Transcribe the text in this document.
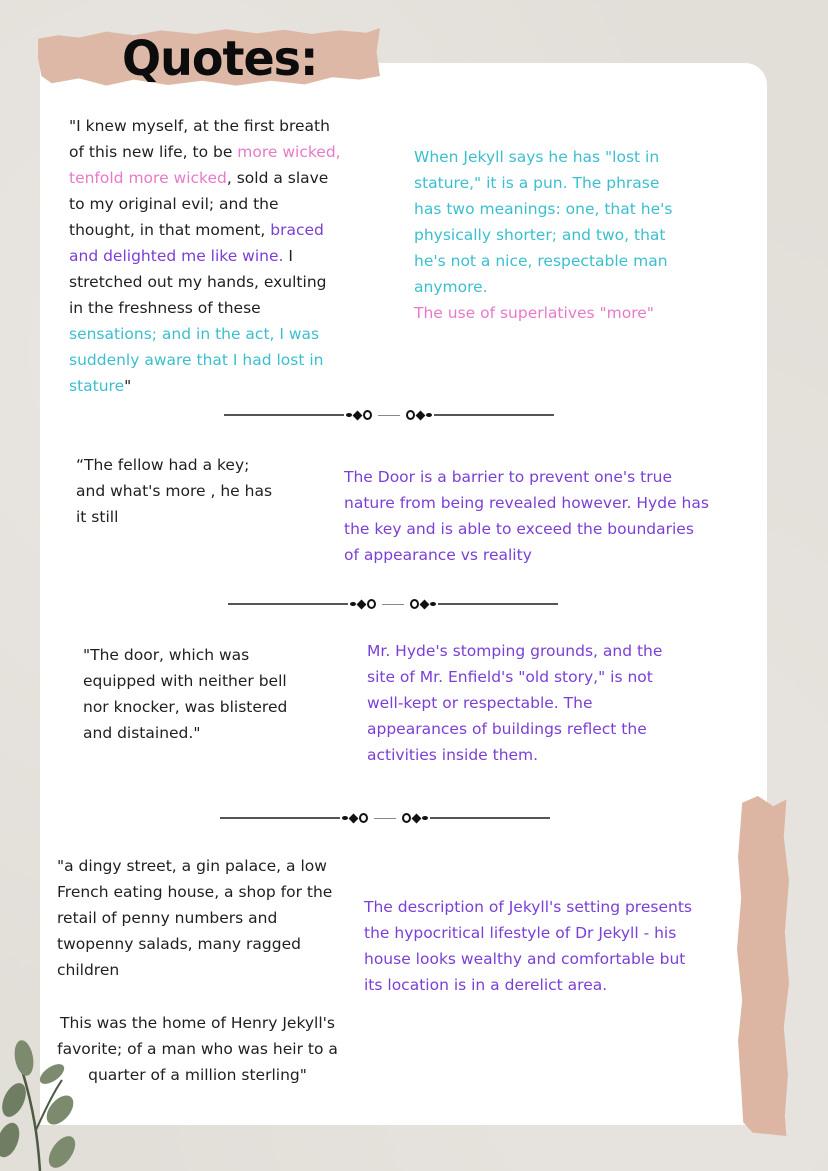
Quotes:
"I knew myself, at the first breath of this new life, to be more wicked, tenfold more wicked, sold a slave to my original evil; and the thought, in that moment, braced and delighted me like wine. I stretched out my hands, exulting in the freshness of these sensations; and in the act, I was suddenly aware that I had lost in stature"
When Jekyll says he has "lost in stature," it is a pun. The phrase has two meanings: one, that he's physically shorter; and two, that he's not a nice, respectable man anymore.
The use of superlatives "more"
“The fellow had a key; and what's more , he has it still
The Door is a barrier to prevent one's true nature from being revealed however. Hyde has the key and is able to exceed the boundaries of appearance vs reality
"The door, which was equipped with neither bell nor knocker, was blistered and distained."
Mr. Hyde's stomping grounds, and the site of Mr. Enfield's "old story," is not well-kept or respectable. The appearances of buildings reflect the activities inside them.
"a dingy street, a gin palace, a low French eating house, a shop for the retail of penny numbers and twopenny salads, many ragged children
This was the home of Henry Jekyll's favorite; of a man who was heir to a quarter of a million sterling"
The description of Jekyll's setting presents the hypocritical lifestyle of Dr Jekyll - his house looks wealthy and comfortable but its location is in a derelict area.
